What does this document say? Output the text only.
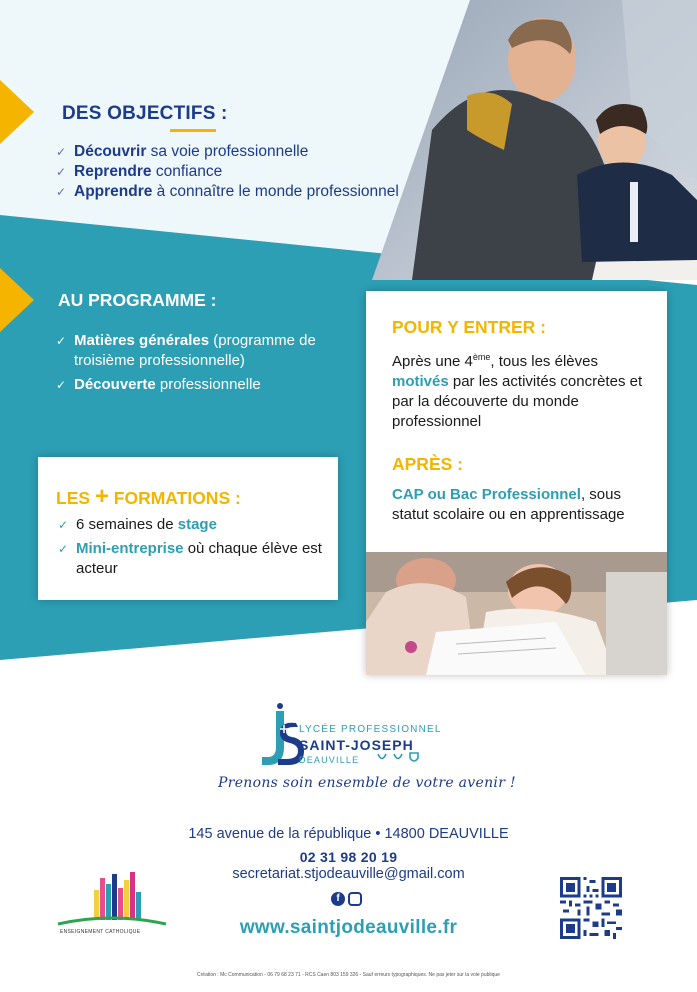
DES OBJECTIFS :
✓ Découvrir sa voie professionnelle
✓ Reprendre confiance
✓ Apprendre à connaître le monde professionnel
AU PROGRAMME :
✓ Matières générales (programme de troisième professionnelle)
✓ Découverte professionnelle
POUR Y ENTRER :
Après une 4ème, tous les élèves motivés par les activités concrètes et par la découverte du monde professionnel
APRÈS :
CAP ou Bac Professionnel, sous statut scolaire ou en apprentissage
LES + FORMATIONS :
✓ 6 semaines de stage
✓ Mini-entreprise où chaque élève est acteur
LYCÉE PROFESSIONNEL
SAINT-JOSEPH
DEAUVILLE
Prenons soin ensemble de votre avenir !
145 avenue de la république • 14800 DEAUVILLE
02 31 98 20 19
secretariat.stjodeauville@gmail.com
f
www.saintjodeauville.fr
ENSEIGNEMENT CATHOLIQUE
Création : Mc Communication - 06 79 68 23 71 - RCS Caen 803 159 326 - Sauf erreurs typographiques. Ne pas jeter sur la voie publique
